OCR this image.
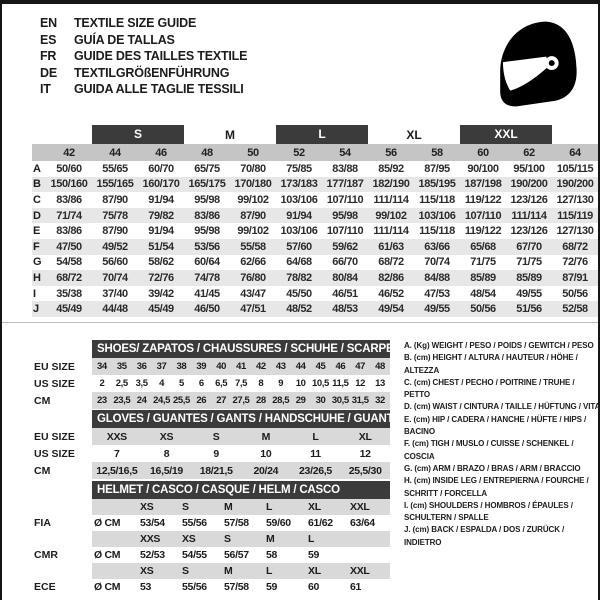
EN	TEXTILE SIZE GUIDE
ES	GUÍA DE TALLAS
FR	GUIDE DES TAILLES TEXTILE
DE	TEXTILGRÖßENFÜHRUNG
IT	GUIDA ALLE TAGLIE TESSILI
S	M	L	XL	XXL
42	44	46	48	50	52	54	56	58	60	62	64
A	50/60	55/65	60/70	65/75	70/80	75/85	83/88	85/92	87/95	90/100	95/100	105/115
B 150/160 155/165 160/170 165/175 170/180 173/183 177/187 182/190 185/195 187/198 190/200 190/200
C	83/86	87/90	91/94	95/98	99/102	103/106 107/110 111/114 115/118 119/122 123/126 127/130
D	71/74	75/78	79/82	83/86	87/90	91/94	95/98	99/102	103/106 107/110 111/114 115/119
E	83/86	87/90	91/94	95/98	99/102	103/106 107/110 111/114 115/118 119/122 123/126 127/130
F	47/50	49/52	51/54	53/56	55/58	57/60	59/62	61/63	63/66	65/68	67/70	68/72
G	54/58	56/60	58/62	60/64	62/66	64/68	66/70	68/72	70/74	71/75	71/75	72/76
H	68/72	70/74	72/76	74/78	76/80	78/82	80/84	82/86	84/88	85/89	85/89	87/91
I	35/38	37/40	39/42	41/45	43/47	45/50	46/51	46/52	47/53	48/54	49/55	50/56
J	45/49	44/48	45/49	46/50	47/51	48/52	48/53	49/54	49/55	50/56	51/56	52/58
SHOES/ ZAPATOS / CHAUSSURES / SCHUHE / SCARPE
EU SIZE	34	35	36	37	38	39	40	41	42	43	44	45	46	47	48
US SIZE	2	2,5 3,5	4	5	6	6,5 7,5	8	9	10 10,5 11,5 12	13
CM	23 23,5 24 24,5 25,5 26	27 27,5 28 28,5 29	30 30,5 31,5 32
GLOVES / GUANTES / GANTS / HANDSCHUHE / GUANTI
EU SIZE	XXS	XS	S	M	L	XL
US SIZE	7	8	9	10	11	12
CM	12,5/16,5	16,5/19	18/21,5	20/24	23/26,5	25,5/30
HELMET / CASCO / CASQUE / HELM / CASCO
XS	S	M	L	XL	XXL
FIA	Ø CM	53/54	55/56	57/58	59/60	61/62	63/64
XXS	XS	S	M	L
CMR	Ø CM	52/53	54/55	56/57	58	59
XS	S	M	L	XL	XXL
ECE	Ø CM	53	55/56	57/58	59	60	61
A. (Kg) WEIGHT / PESO / POIDS / GEWITCH / PESO
B. (cm) HEIGHT / ALTURA / HAUTEUR / HÖHE / ALTEZZA
C. (cm) CHEST / PECHO / POITRINE / TRUHE / PETTO
D. (cm) WAIST / CINTURA / TAILLE / HÜFTUNG / VITA
E. (cm) HIP / CADERA / HANCHE / HÜFTE / HIPS / BACINO
F. (cm) TIGH / MUSLO / CUISSE / SCHENKEL / COSCIA
G. (cm) ARM / BRAZO / BRAS / ARM / BRACCIO
H. (cm) INSIDE LEG / ENTREPIERNA / FOURCHE / SCHRITT / FORCELLA
I. (cm) SHOULDERS / HOMBROS / ÉPAULES / SCHULTERN / SPALLE
J. (cm) BACK / ESPALDA / DOS / ZURÜCK / INDIETRO
